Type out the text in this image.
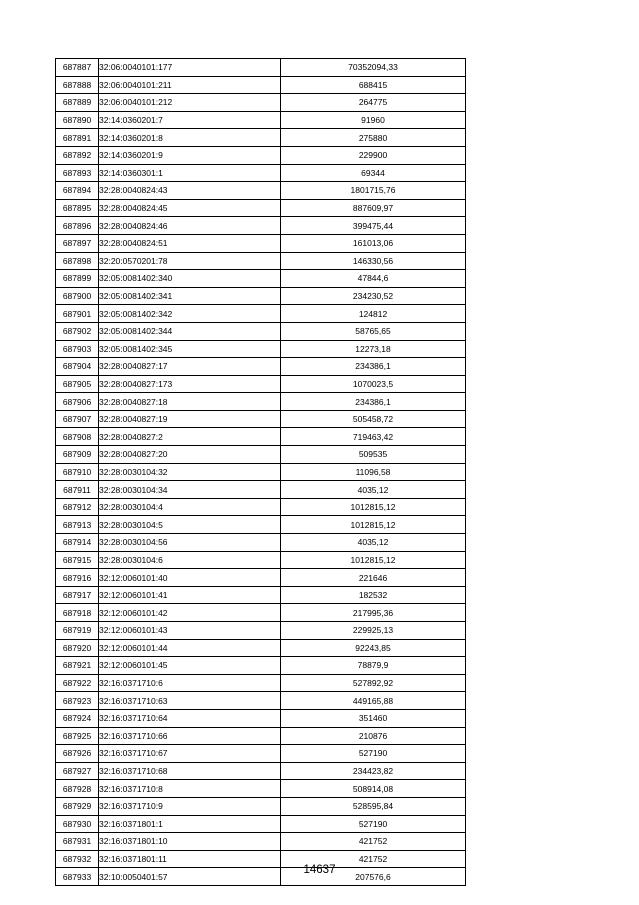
687887	32:06:0040101:177	70352094,33
687888	32:06:0040101:211	688415
687889	32:06:0040101:212	264775
687890	32:14:0360201:7	91960
687891	32:14:0360201:8	275880
687892	32:14:0360201:9	229900
687893	32:14:0360301:1	69344
687894	32:28:0040824:43	1801715,76
687895	32:28:0040824:45	887609,97
687896	32:28:0040824:46	399475,44
687897	32:28:0040824:51	161013,06
687898	32:20:0570201:78	146330,56
687899	32:05:0081402:340	47844,6
687900	32:05:0081402:341	234230,52
687901	32:05:0081402:342	124812
687902	32:05:0081402:344	58765,65
687903	32:05:0081402:345	12273,18
687904	32:28:0040827:17	234386,1
687905	32:28:0040827:173	1070023,5
687906	32:28:0040827:18	234386,1
687907	32:28:0040827:19	505458,72
687908	32:28:0040827:2	719463,42
687909	32:28:0040827:20	509535
687910	32:28:0030104:32	11096,58
687911	32:28:0030104:34	4035,12
687912	32:28:0030104:4	1012815,12
687913	32:28:0030104:5	1012815,12
687914	32:28:0030104:56	4035,12
687915	32:28:0030104:6	1012815,12
687916	32:12:0060101:40	221646
687917	32:12:0060101:41	182532
687918	32:12:0060101:42	217995,36
687919	32:12:0060101:43	229925,13
687920	32:12:0060101:44	92243,85
687921	32:12:0060101:45	78879,9
687922	32:16:0371710:6	527892,92
687923	32:16:0371710:63	449165,88
687924	32:16:0371710:64	351460
687925	32:16:0371710:66	210876
687926	32:16:0371710:67	527190
687927	32:16:0371710:68	234423,82
687928	32:16:0371710:8	508914,08
687929	32:16:0371710:9	528595,84
687930	32:16:0371801:1	527190
687931	32:16:0371801:10	421752
687932	32:16:0371801:11	421752
687933	32:10:0050401:57	207576,6
14637
